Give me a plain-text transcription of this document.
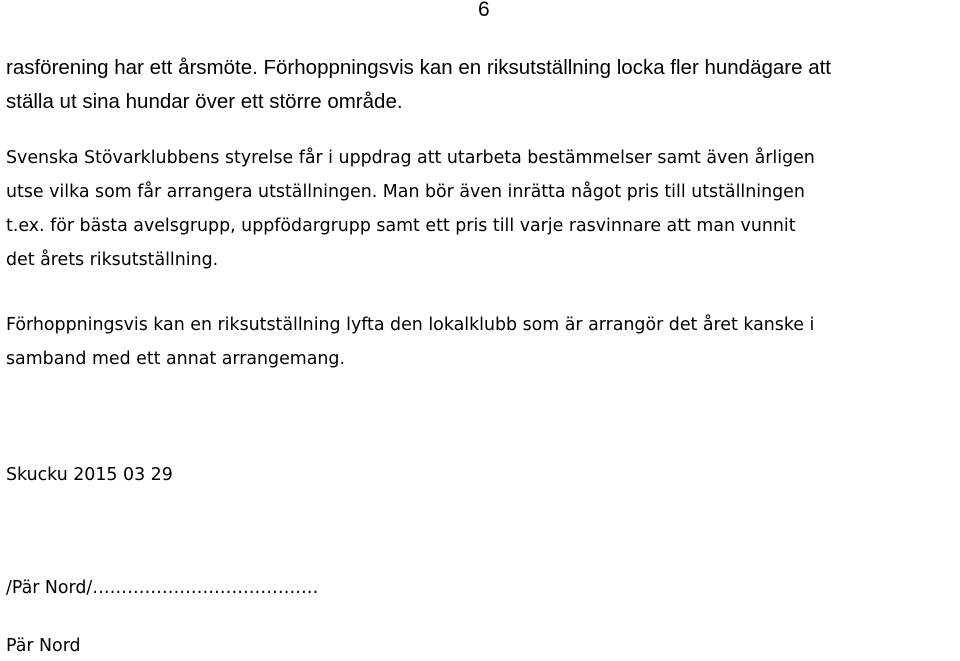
6

rasförening har ett årsmöte. Förhoppningsvis kan en riksutställning locka fler hundägare att
ställa ut sina hundar över ett större område.

Svenska Stövarklubbens styrelse får i uppdrag att utarbeta bestämmelser samt även årligen
utse vilka som får arrangera utställningen. Man bör även inrätta något pris till utställningen
t.ex. för bästa avelsgrupp, uppfödargrupp samt ett pris till varje rasvinnare att man vunnit
det årets riksutställning.

Förhoppningsvis kan en riksutställning lyfta den lokalklubb som är arrangör det året kanske i
samband med ett annat arrangemang.

Skucku 2015 03 29
/Pär Nord/…………………………………
Pär Nord
